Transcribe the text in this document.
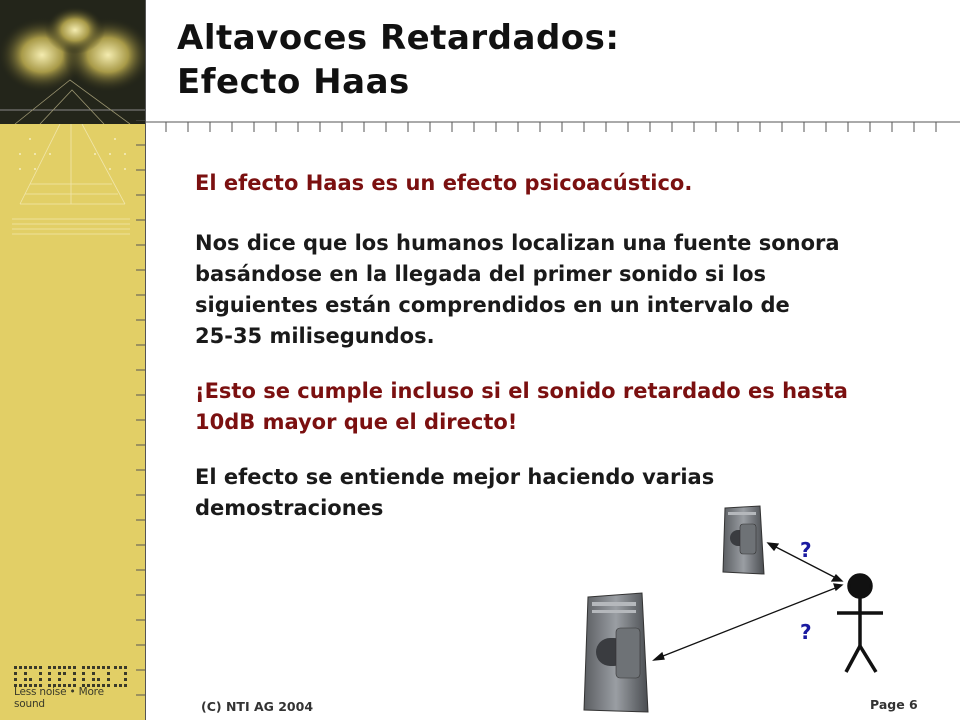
Less noise • More sound
Altavoces Retardados:
Efecto Haas

El efecto Haas es un efecto psicoacústico.

Nos dice que los humanos localizan una fuente sonora
basándose en la llegada del primer sonido si los
siguientes están comprendidos en un intervalo de
25-35 milisegundos.
¡Esto se cumple incluso si el sonido retardado es hasta
10dB mayor que el directo!
El efecto se entiende mejor haciendo varias
demostraciones
?
?
(C) NTI AG 2004	Page 6
